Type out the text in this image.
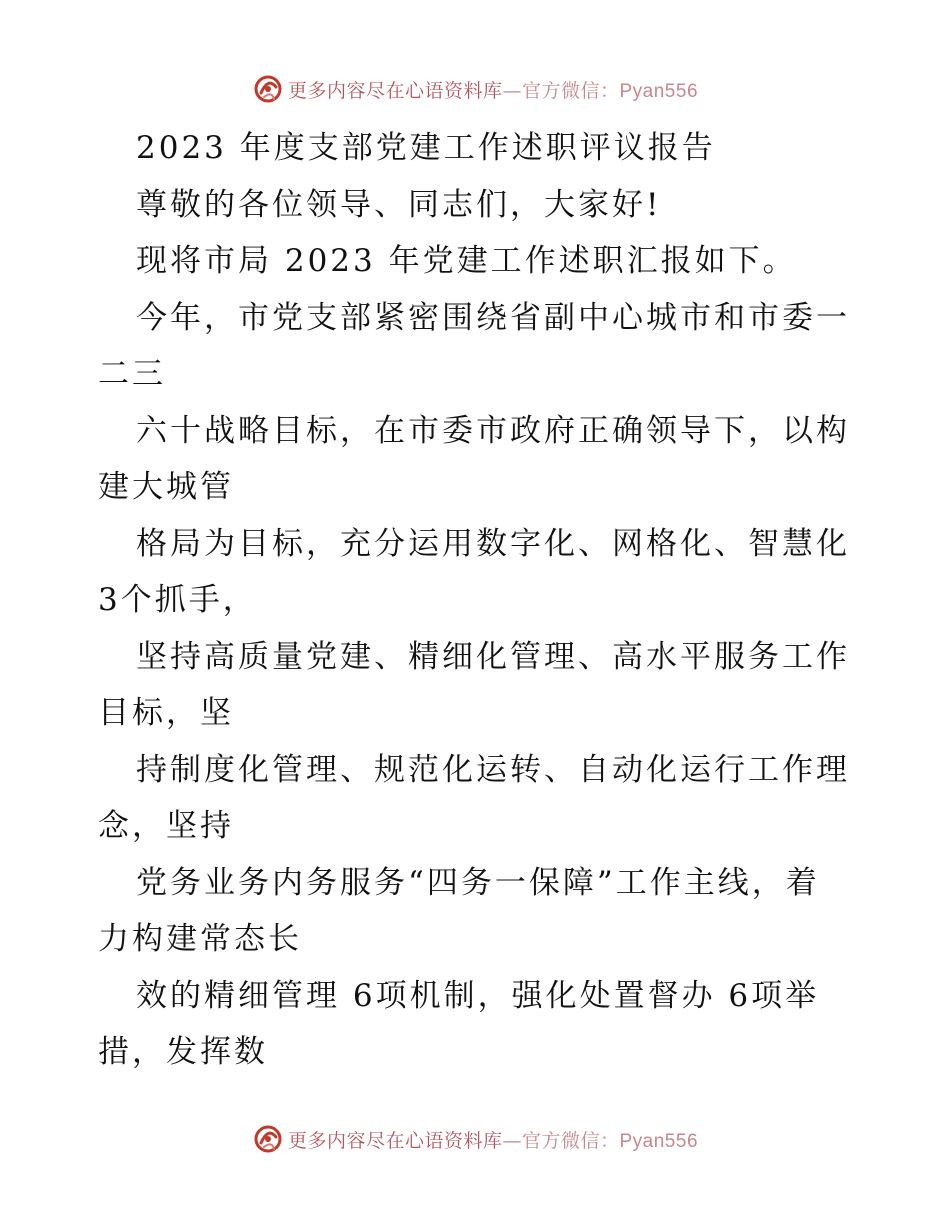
更多内容尽在心语资料库—官方微信：Pyan556
2023 年度支部党建工作述职评议报告
尊敬的各位领导、同志们，大家好!
现将市局 2023 年党建工作述职汇报如下。
今年，市党支部紧密围绕省副中心城市和市委一
二三
六十战略目标，在市委市政府正确领导下，以构
建大城管
格局为目标，充分运用数字化、网格化、智慧化
3个抓手，
坚持高质量党建、精细化管理、高水平服务工作
目标，坚
持制度化管理、规范化运转、自动化运行工作理
念，坚持
党务业务内务服务“四务一保障”工作主线，着
力构建常态长
效的精细管理 6项机制，强化处置督办 6项举
措，发挥数
更多内容尽在心语资料库—官方微信：Pyan556
